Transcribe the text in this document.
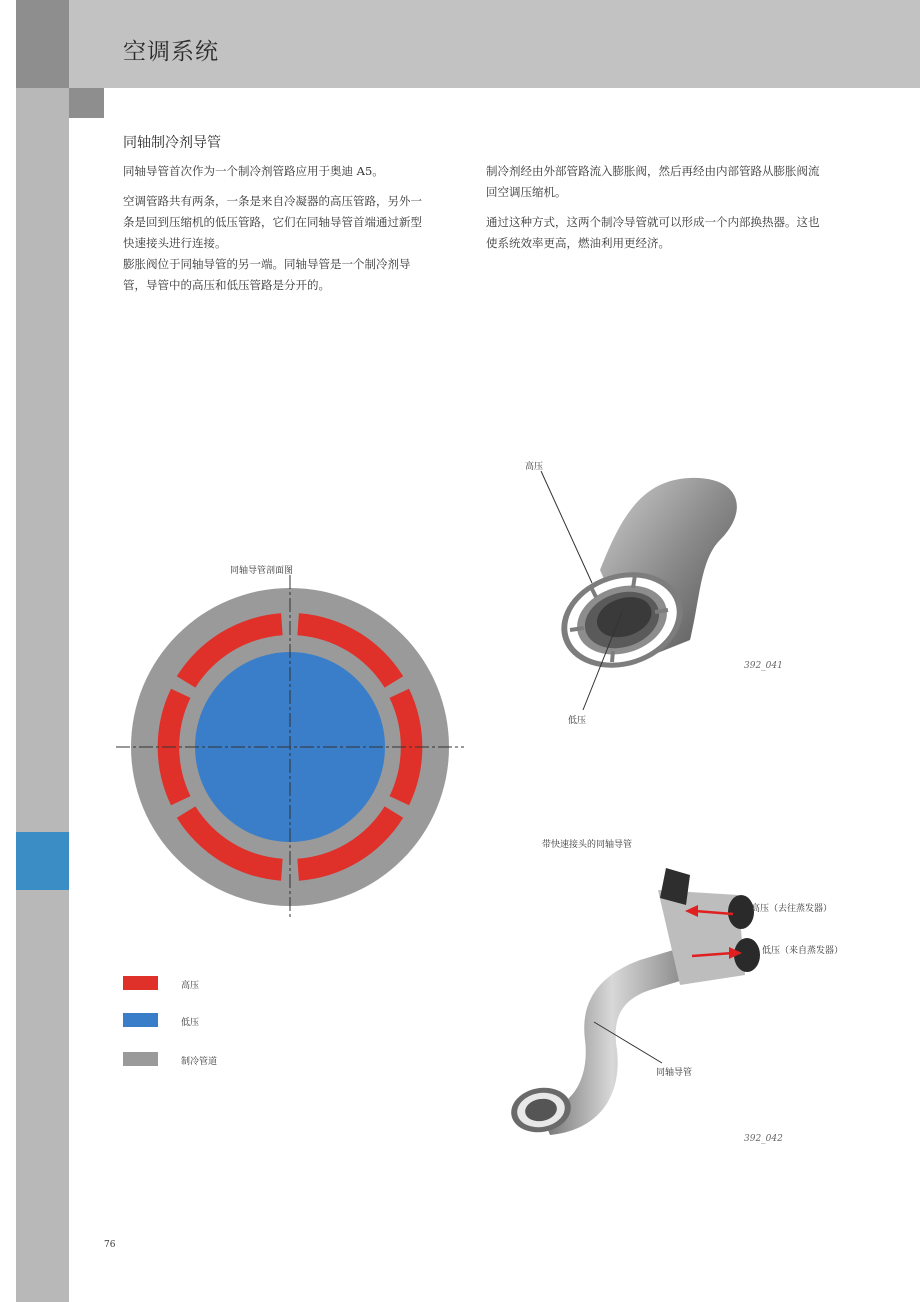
空调系统
同轴制冷剂导管

同轴导管首次作为一个制冷剂管路应用于奥迪 A5。

空调管路共有两条，一条是来自冷凝器的高压管路，另外一条是回到压缩机的低压管路，它们在同轴导管首端通过新型快速接头进行连接。

膨胀阀位于同轴导管的另一端。同轴导管是一个制冷剂导管，导管中的高压和低压管路是分开的。

制冷剂经由外部管路流入膨胀阀，然后再经由内部管路从膨胀阀流回空调压缩机。

通过这种方式，这两个制冷导管就可以形成一个内部换热器。这也使系统效率更高，燃油利用更经济。

同轴导管剖面图
高压
低压
制冷管道
高压
低压
392_041
带快速接头的同轴导管
高压（去往蒸发器）
低压（来自蒸发器）
同轴导管
392_042
76
